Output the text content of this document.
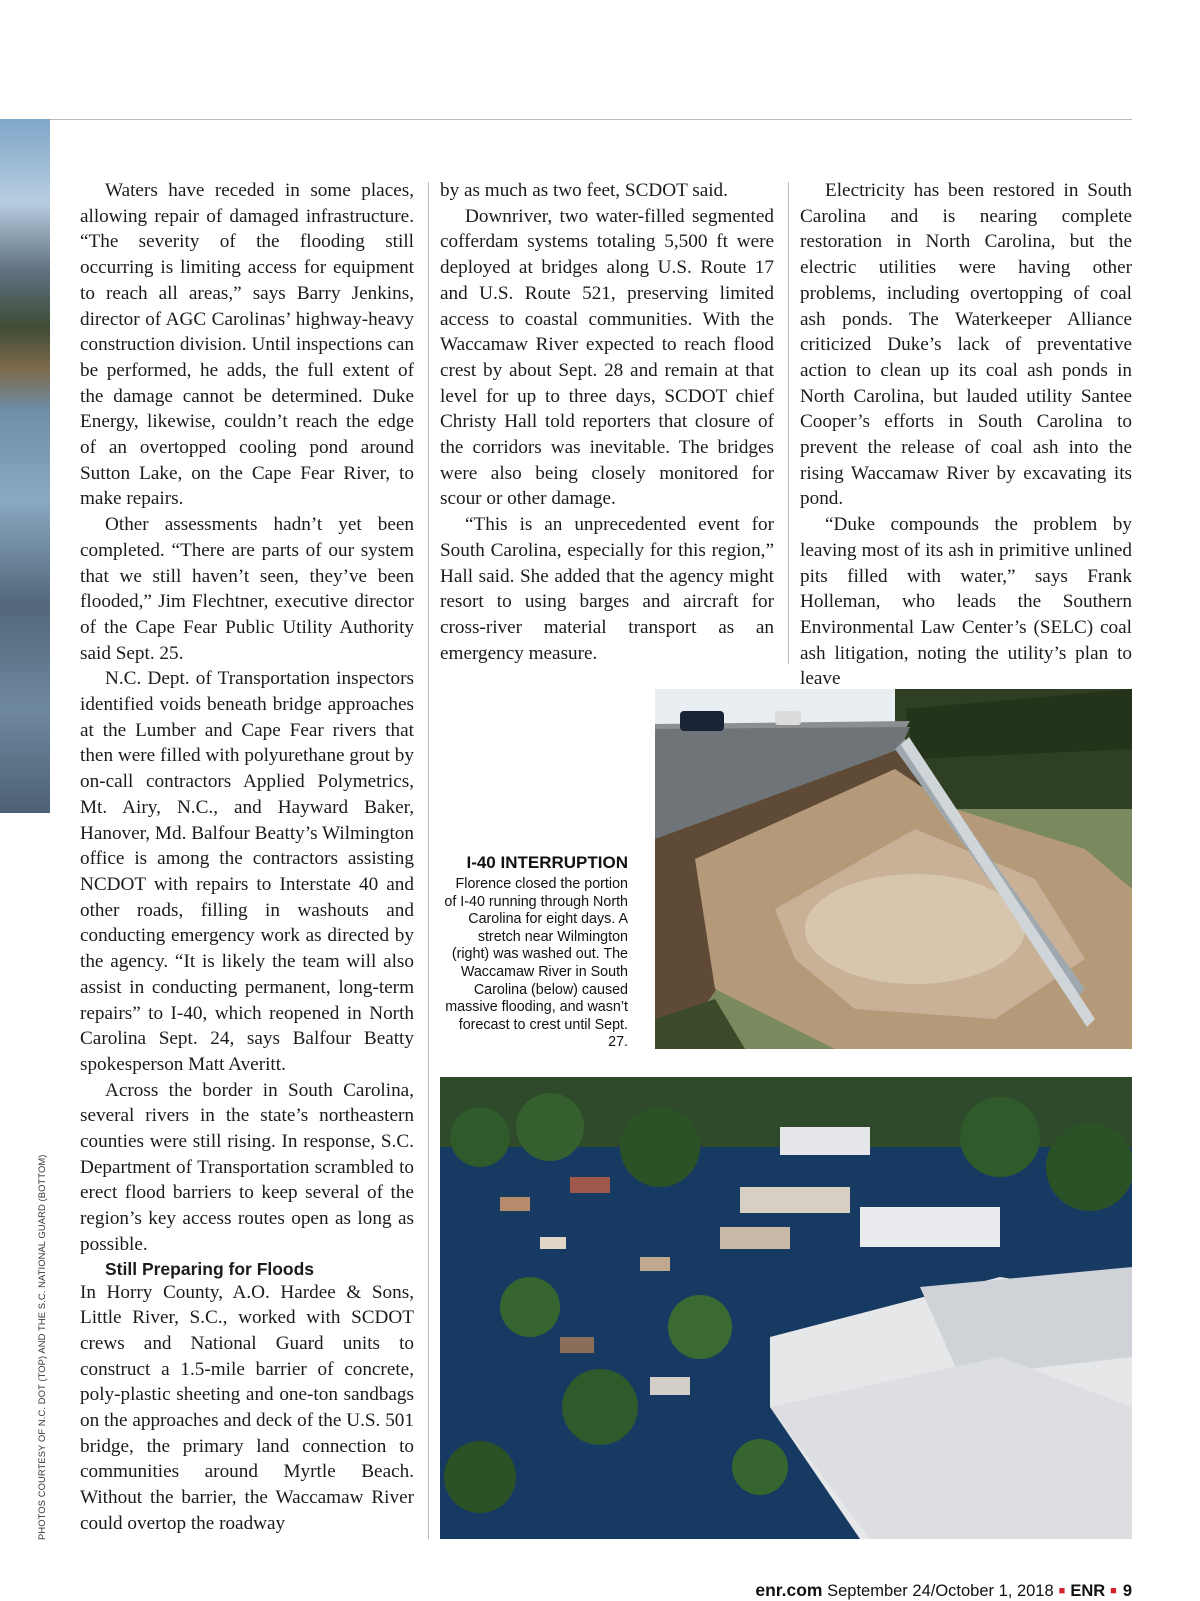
PHOTOS COURTESY OF N.C. DOT (TOP) AND THE S.C. NATIONAL GUARD (BOTTOM)

Waters have receded in some places, allowing repair of damaged infrastructure. “The severity of the flooding still occurring is limiting access for equipment to reach all areas,” says Barry Jenkins, director of AGC Carolinas’ highway-heavy construction division. Until inspections can be performed, he adds, the full extent of the damage cannot be determined. Duke Energy, likewise, couldn’t reach the edge of an overtopped cooling pond around Sutton Lake, on the Cape Fear River, to make repairs.

Other assessments hadn’t yet been completed. “There are parts of our system that we still haven’t seen, they’ve been flooded,” Jim Flechtner, executive director of the Cape Fear Public Utility Authority said Sept. 25.

N.C. Dept. of Transportation inspectors identified voids beneath bridge approaches at the Lumber and Cape Fear rivers that then were filled with polyurethane grout by on-call contractors Applied Polymetrics, Mt. Airy, N.C., and Hayward Baker, Hanover, Md. Balfour Beatty’s Wilmington office is among the contractors assisting NCDOT with repairs to Interstate 40 and other roads, filling in washouts and conducting emergency work as directed by the agency. “It is likely the team will also assist in conducting permanent, long-term repairs” to I-40, which reopened in North Carolina Sept. 24, says Balfour Beatty spokesperson Matt Averitt.

Across the border in South Carolina, several rivers in the state’s northeastern counties were still rising. In response, S.C. Department of Transportation scrambled to erect flood barriers to keep several of the region’s key access routes open as long as possible.

Still Preparing for Floods

In Horry County, A.O. Hardee & Sons, Little River, S.C., worked with SCDOT crews and National Guard units to construct a 1.5-mile barrier of concrete, poly-plastic sheeting and one-ton sandbags on the approaches and deck of the U.S. 501 bridge, the primary land connection to communities around Myrtle Beach. Without the barrier, the Waccamaw River could overtop the roadway

by as much as two feet, SCDOT said.

Downriver, two water-filled segmented cofferdam systems totaling 5,500 ft were deployed at bridges along U.S. Route 17 and U.S. Route 521, preserving limited access to coastal communities. With the Waccamaw River expected to reach flood crest by about Sept. 28 and remain at that level for up to three days, SCDOT chief Christy Hall told reporters that closure of the corridors was inevitable. The bridges were also being closely monitored for scour or other damage.

“This is an unprecedented event for South Carolina, especially for this region,” Hall said. She added that the agency might resort to using barges and aircraft for cross-river material transport as an emergency measure.

Electricity has been restored in South Carolina and is nearing complete restoration in North Carolina, but the electric utilities were having other problems, including overtopping of coal ash ponds. The Waterkeeper Alliance criticized Duke’s lack of preventative action to clean up its coal ash ponds in North Carolina, but lauded utility Santee Cooper’s efforts in South Carolina to prevent the release of coal ash into the rising Waccamaw River by excavating its pond.

“Duke compounds the problem by leaving most of its ash in primitive unlined pits filled with water,” says Frank Holleman, who leads the Southern Environmental Law Center’s (SELC) coal ash litigation, noting the utility’s plan to leave

I-40 INTERRUPTION
Florence closed the portion of I-40 running through North Carolina for eight days. A stretch near Wilmington (right) was washed out. The Waccamaw River in South Carolina (below) caused massive flooding, and wasn’t forecast to crest until Sept. 27.
enr.com September 24/October 1, 2018 ■ ENR ■ 9
